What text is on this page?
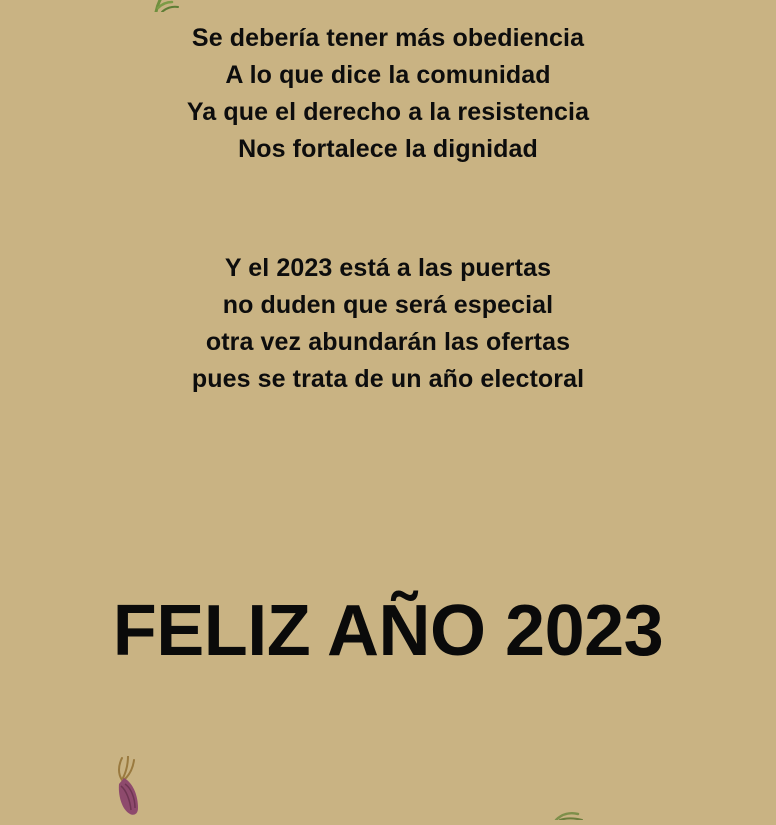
Se debería tener más obediencia
A lo que dice la comunidad
Ya que el derecho a la resistencia
Nos fortalece la dignidad
Y el 2023 está a las puertas
no duden que será especial
otra vez abundarán las ofertas
pues se trata de un año electoral
FELIZ AÑO 2023
